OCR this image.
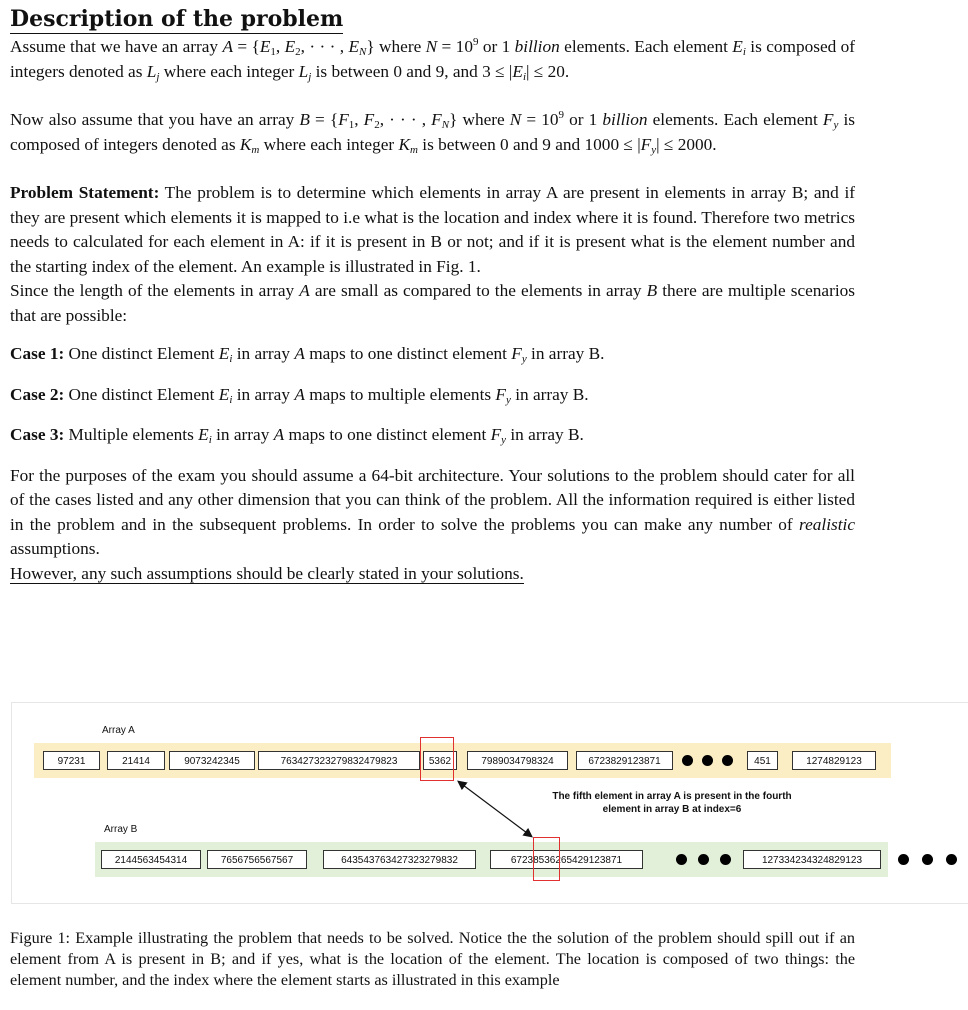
Description of the problem

Assume that we have an array $A = \{E_1$, $E_2$, · · · , $E_N$} where $N = 10^9$ or 1 billion elements. Each element $E_i$ is composed of integers denoted as $L_j$ where each integer $L_j$ is between 0 and 9, and $3 \le |E_i| \le 20$.

Now also assume that you have an array $B = \{F_1$, $F_2$, · · · , $F_N$} where $N = 10^9$ or 1 billion elements. Each element $F_y$ is composed of integers denoted as $K_m$ where each integer $K_m$ is between 0 and 9 and $1000 \le |F_y| \le 2000$.

Problem Statement: The problem is to determine which elements in array A are present in elements in array B; and if they are present which elements it is mapped to i.e what is the location and index where it is found. Therefore two metrics needs to calculated for each element in A: if it is present in B or not; and if it is present what is the element number and the starting index of the element. An example is illustrated in Fig. 1.
Since the length of the elements in array A are small as compared to the elements in array B there are multiple scenarios that are possible:

Case 1: One distinct Element $E_i$ in array A maps to one distinct element $F_y$ in array B.

Case 2: One distinct Element $E_i$ in array A maps to multiple elements $F_y$ in array B.

Case 3: Multiple elements $E_i$ in array A maps to one distinct element $F_y$ in array B.

For the purposes of the exam you should assume a 64-bit architecture. Your solutions to the problem should cater for all of the cases listed and any other dimension that you can think of the problem. All the information required is either listed in the problem and in the subsequent problems. In order to solve the problems you can make any number of realistic assumptions.
However, any such assumptions should be clearly stated in your solutions.

Array A
97231	21414	9073242345	763427323279832479823	5362	7989034798324	6723829123871	451	1274829123
The fifth element in array A is present in the fourth element in array B at index=6
Array B
2144563454314	7656756567567	643543763427323279832	67238536265429123871	127334234324829123
Figure 1: Example illustrating the problem that needs to be solved. Notice the the solution of the problem should spill out if an element from A is present in B; and if yes, what is the location of the element. The location is composed of two things: the element number, and the index where the element starts as illustrated in this example
